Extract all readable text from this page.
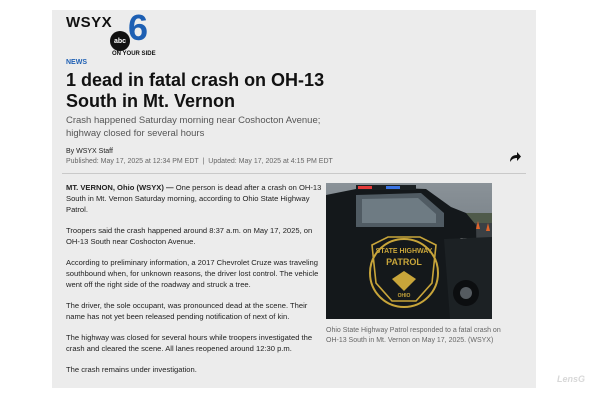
WSYX
abc 6
ON YOUR SIDE
NEWS
1 dead in fatal crash on OH-13 South in Mt. Vernon
Crash happened Saturday morning near Coshocton Avenue; highway closed for several hours
By WSYX Staff
Published: May 17, 2025 at 12:34 PM EDT | Updated: May 17, 2025 at 4:15 PM EDT

MT. VERNON, Ohio (WSYX) — One person is dead after a crash on OH-13 South in Mt. Vernon Saturday morning, according to Ohio State Highway Patrol.

Troopers said the crash happened around 8:37 a.m. on May 17, 2025, on OH-13 South near Coshocton Avenue.

According to preliminary information, a 2017 Chevrolet Cruze was traveling southbound when, for unknown reasons, the driver lost control. The vehicle went off the right side of the roadway and struck a tree.

The driver, the sole occupant, was pronounced dead at the scene. Their name has not yet been released pending notification of next of kin.

The highway was closed for several hours while troopers investigated the crash and cleared the scene. All lanes reopened around 12:30 p.m.

The crash remains under investigation.

STATE HIGHWAY
PATROL
OHIO
Ohio State Highway Patrol responded to a fatal crash on OH-13 South in Mt. Vernon on May 17, 2025. (WSYX)
LensG
